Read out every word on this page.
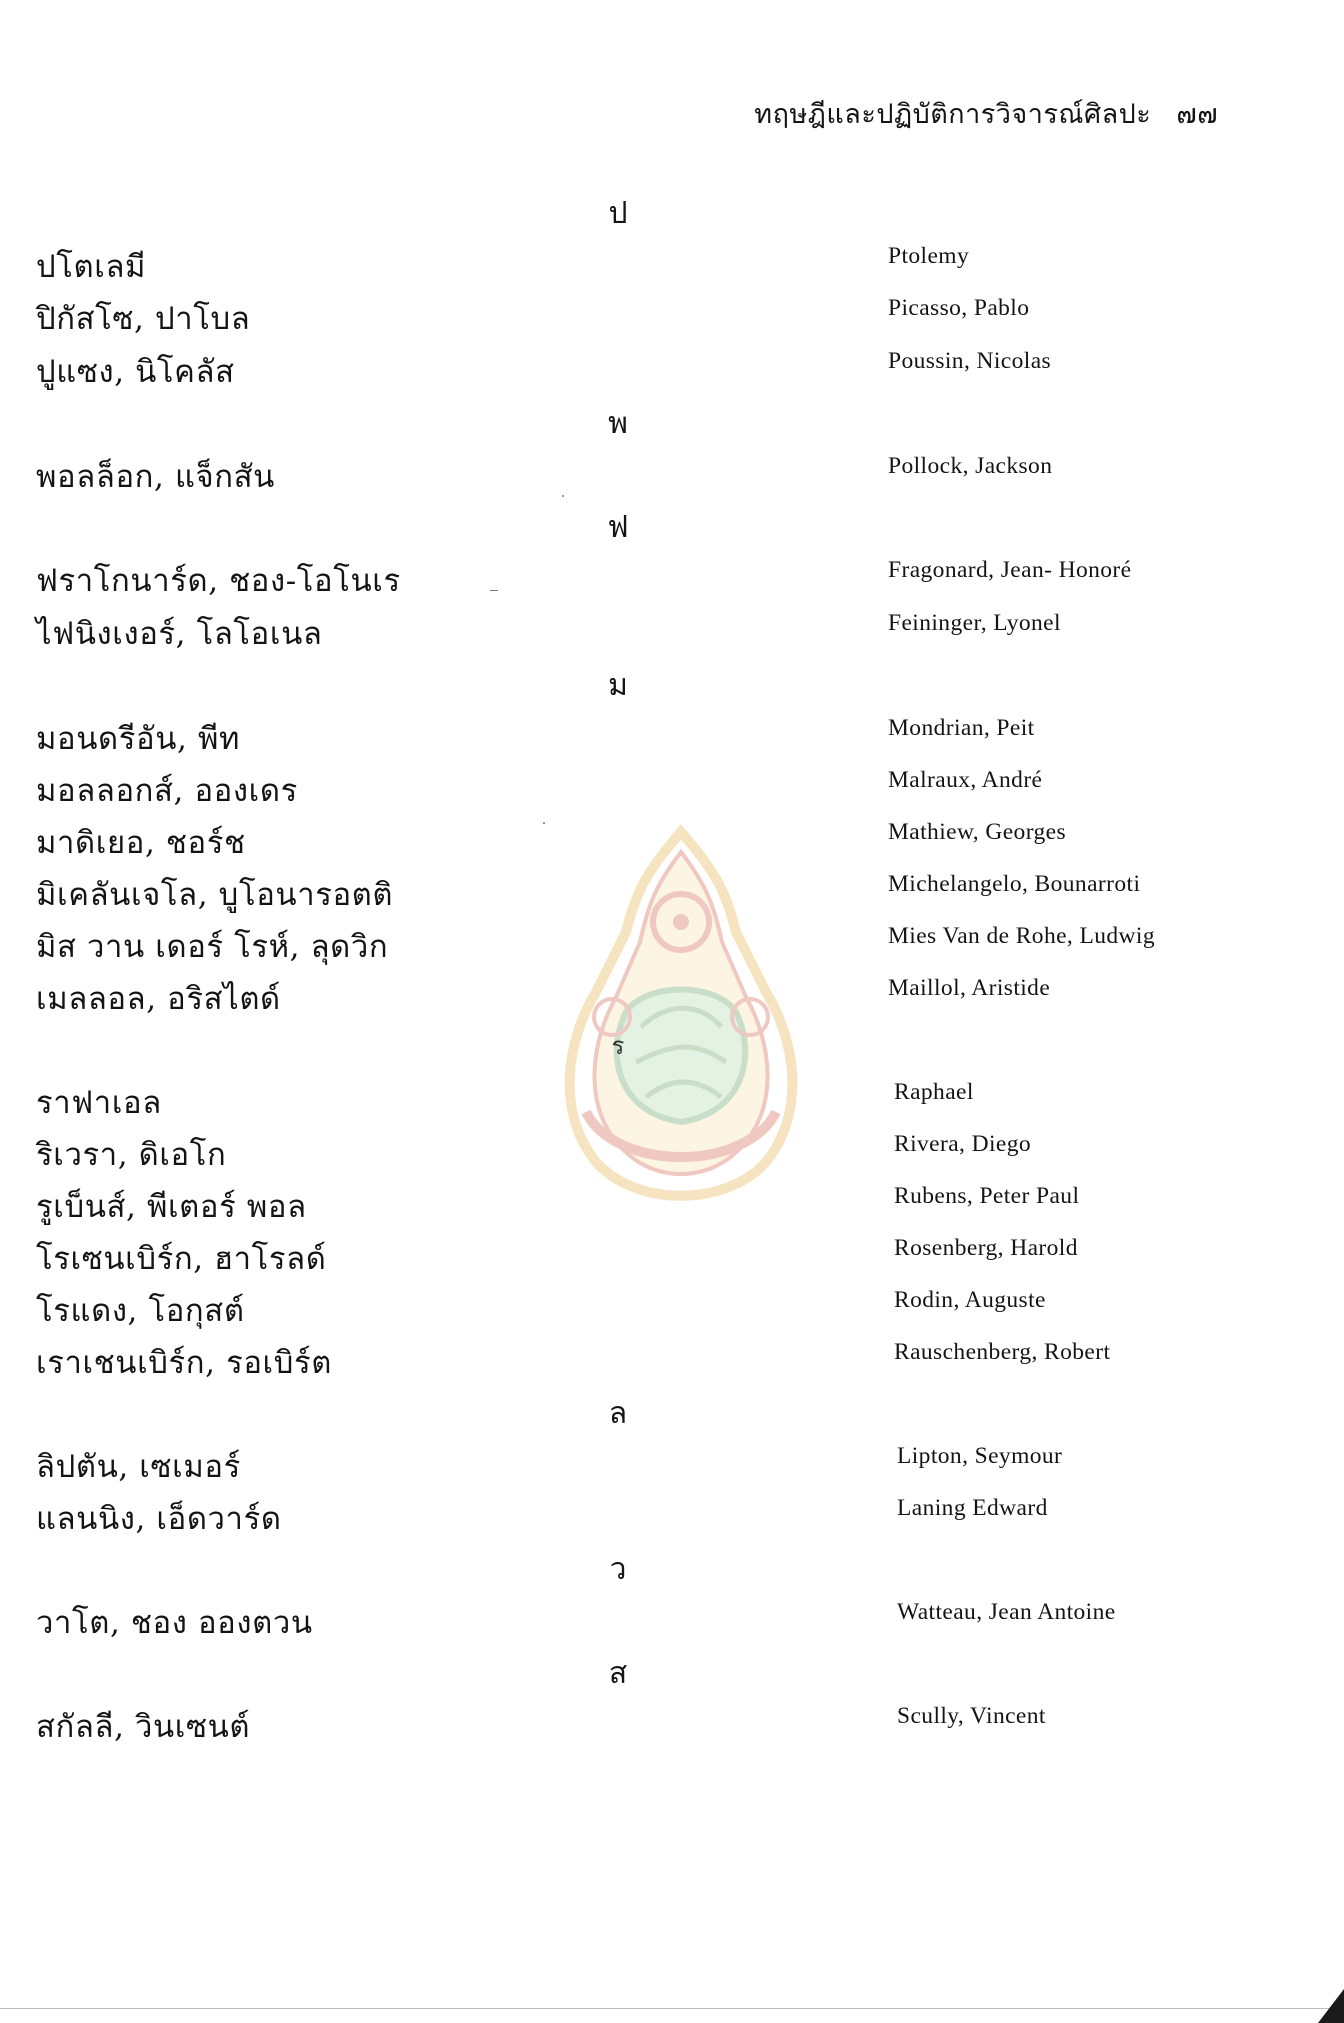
ทฤษฎีและปฏิบัติการวิจารณ์ศิลปะ ๗๗
ป
ปโตเลมี	Ptolemy
ปิกัสโซ, ปาโบล	Picasso, Pablo
ปูแซง, นิโคลัส	Poussin, Nicolas
พ
พอลล็อก, แจ็กสัน	Pollock, Jackson
ฟ
ฟราโกนาร์ด, ชอง-โอโนเร	Fragonard, Jean- Honoré
ไฟนิงเงอร์, โลโอเนล	Feininger, Lyonel
ม
มอนดรีอัน, พีท	Mondrian, Peit
มอลลอกส์, อองเดร	Malraux, André
มาดิเยอ, ชอร์ช	Mathiew, Georges
มิเคลันเจโล, บูโอนารอตติ	Michelangelo, Bounarroti
มิส วาน เดอร์ โรห์, ลุดวิก	Mies Van de Rohe, Ludwig
เมลลอล, อริสไตด์	Maillol, Aristide
ร
ราฟาเอล	Raphael
ริเวรา, ดิเอโก	Rivera, Diego
รูเบ็นส์, พีเตอร์ พอล	Rubens, Peter Paul
โรเซนเบิร์ก, ฮาโรลด์	Rosenberg, Harold
โรแดง, โอกุสต์	Rodin, Auguste
เราเชนเบิร์ก, รอเบิร์ต	Rauschenberg, Robert
ล
ลิปตัน, เซเมอร์	Lipton, Seymour
แลนนิง, เอ็ดวาร์ด	Laning Edward
ว
วาโต, ชอง อองตวน	Watteau, Jean Antoine
ส
สกัลลี, วินเซนต์	Scully, Vincent
